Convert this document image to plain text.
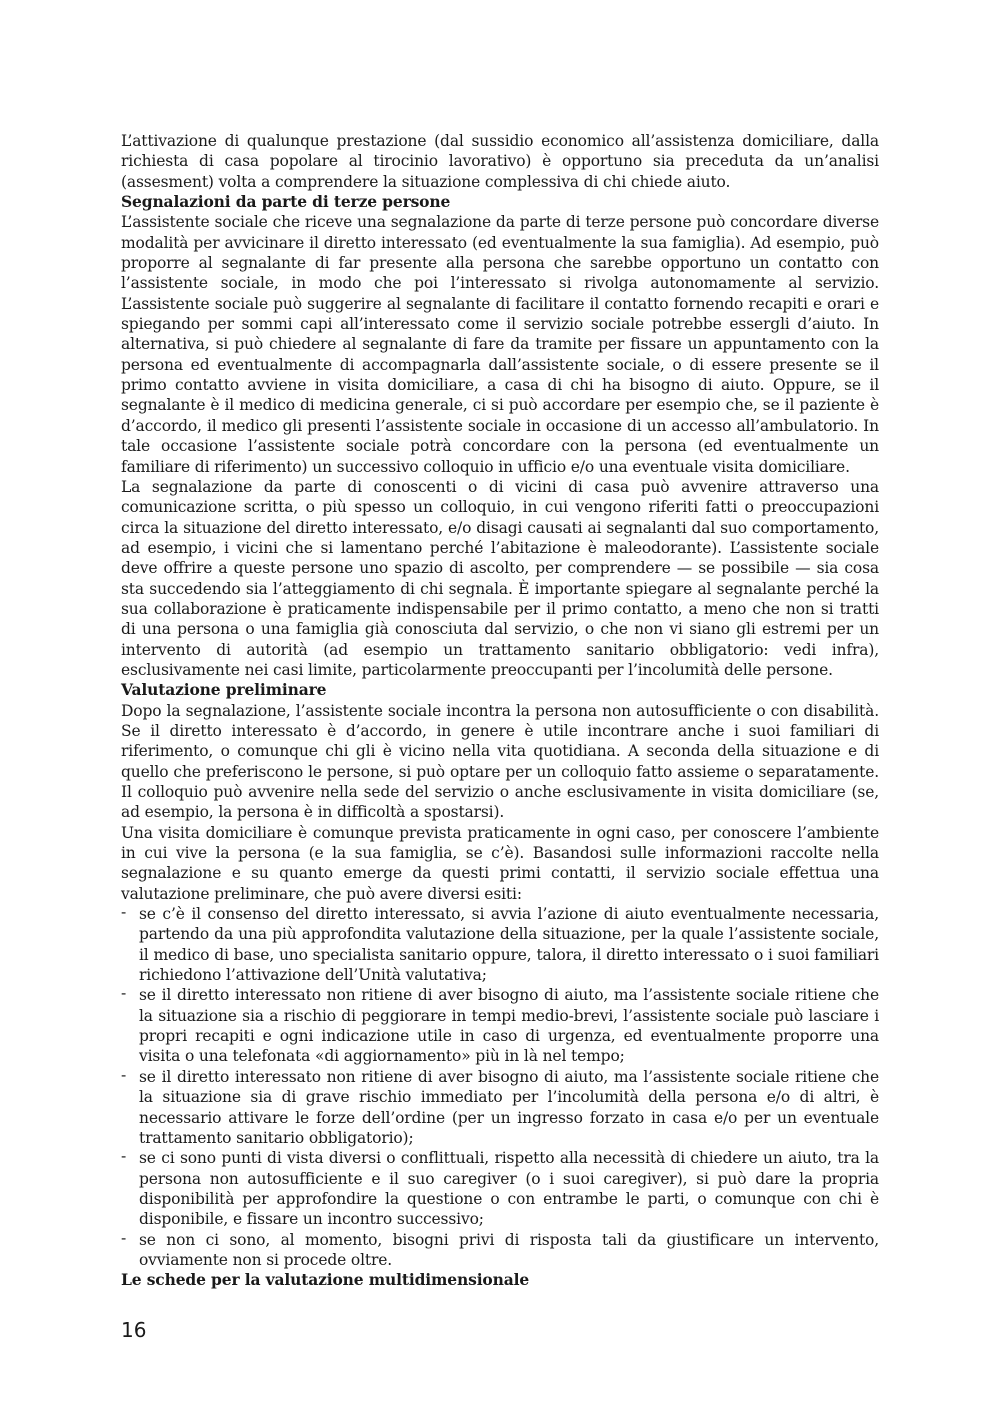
L’attivazione di qualunque prestazione (dal sussidio economico all’assistenza domiciliare, dalla richiesta di casa popolare al tirocinio lavorativo) è opportuno sia preceduta da un’analisi (assesment) volta a comprendere la situazione complessiva di chi chiede aiuto.

Segnalazioni da parte di terze persone

L’assistente sociale che riceve una segnalazione da parte di terze persone può concordare diverse modalità per avvicinare il diretto interessato (ed eventualmente la sua famiglia). Ad esempio, può proporre al segnalante di far presente alla persona che sarebbe opportuno un contatto con l’assistente sociale, in modo che poi l’interessato si rivolga autonomamente al servizio. L’assistente sociale può suggerire al segnalante di facilitare il contatto fornendo recapiti e orari e spiegando per sommi capi all’interessato come il servizio sociale potrebbe essergli d’aiuto. In alternativa, si può chiedere al segnalante di fare da tramite per fissare un appuntamento con la persona ed eventualmente di accompagnarla dall’assistente sociale, o di essere presente se il primo contatto avviene in visita domiciliare, a casa di chi ha bisogno di aiuto. Oppure, se il segnalante è il medico di medicina generale, ci si può accordare per esempio che, se il paziente è d’accordo, il medico gli presenti l’assistente sociale in occasione di un accesso all’ambulatorio. In tale occasione l’assistente sociale potrà concordare con la persona (ed eventualmente un familiare di riferimento) un successivo colloquio in ufficio e/o una eventuale visita domiciliare.

La segnalazione da parte di conoscenti o di vicini di casa può avvenire attraverso una comunicazione scritta, o più spesso un colloquio, in cui vengono riferiti fatti o preoccupazioni circa la situazione del diretto interessato, e/o disagi causati ai segnalanti dal suo comportamento, ad esempio, i vicini che si lamentano perché l’abitazione è maleodorante). L’assistente sociale deve offrire a queste persone uno spazio di ascolto, per comprendere — se possibile — sia cosa sta succedendo sia l’atteggiamento di chi segnala. È importante spiegare al segnalante perché la sua collaborazione è praticamente indispensabile per il primo contatto, a meno che non si tratti di una persona o una famiglia già conosciuta dal servizio, o che non vi siano gli estremi per un intervento di autorità (ad esempio un trattamento sanitario obbligatorio: vedi infra), esclusivamente nei casi limite, particolarmente preoccupanti per l’incolumità delle persone.

Valutazione preliminare

Dopo la segnalazione, l’assistente sociale incontra la persona non autosufficiente o con disabilità. Se il diretto interessato è d’accordo, in genere è utile incontrare anche i suoi familiari di riferimento, o comunque chi gli è vicino nella vita quotidiana. A seconda della situazione e di quello che preferiscono le persone, si può optare per un colloquio fatto assieme o separatamente. Il colloquio può avvenire nella sede del servizio o anche esclusivamente in visita domiciliare (se, ad esempio, la persona è in difficoltà a spostarsi).

Una visita domiciliare è comunque prevista praticamente in ogni caso, per conoscere l’ambiente in cui vive la persona (e la sua famiglia, se c’è). Basandosi sulle informazioni raccolte nella segnalazione e su quanto emerge da questi primi contatti, il servizio sociale effettua una valutazione preliminare, che può avere diversi esiti:

- se c’è il consenso del diretto interessato, si avvia l’azione di aiuto eventualmente necessaria, partendo da una più approfondita valutazione della situazione, per la quale l’assistente sociale, il medico di base, uno specialista sanitario oppure, talora, il diretto interessato o i suoi familiari richiedono l’attivazione dell’Unità valutativa;
- se il diretto interessato non ritiene di aver bisogno di aiuto, ma l’assistente sociale ritiene che la situazione sia a rischio di peggiorare in tempi medio-brevi, l’assistente sociale può lasciare i propri recapiti e ogni indicazione utile in caso di urgenza, ed eventualmente proporre una visita o una telefonata «di aggiornamento» più in là nel tempo;
- se il diretto interessato non ritiene di aver bisogno di aiuto, ma l’assistente sociale ritiene che la situazione sia di grave rischio immediato per l’incolumità della persona e/o di altri, è necessario attivare le forze dell’ordine (per un ingresso forzato in casa e/o per un eventuale trattamento sanitario obbligatorio);
- se ci sono punti di vista diversi o conflittuali, rispetto alla necessità di chiedere un aiuto, tra la persona non autosufficiente e il suo caregiver (o i suoi caregiver), si può dare la propria disponibilità per approfondire la questione o con entrambe le parti, o comunque con chi è disponibile, e fissare un incontro successivo;
- se non ci sono, al momento, bisogni privi di risposta tali da giustificare un intervento, ovviamente non si procede oltre.
Le schede per la valutazione multidimensionale
16
